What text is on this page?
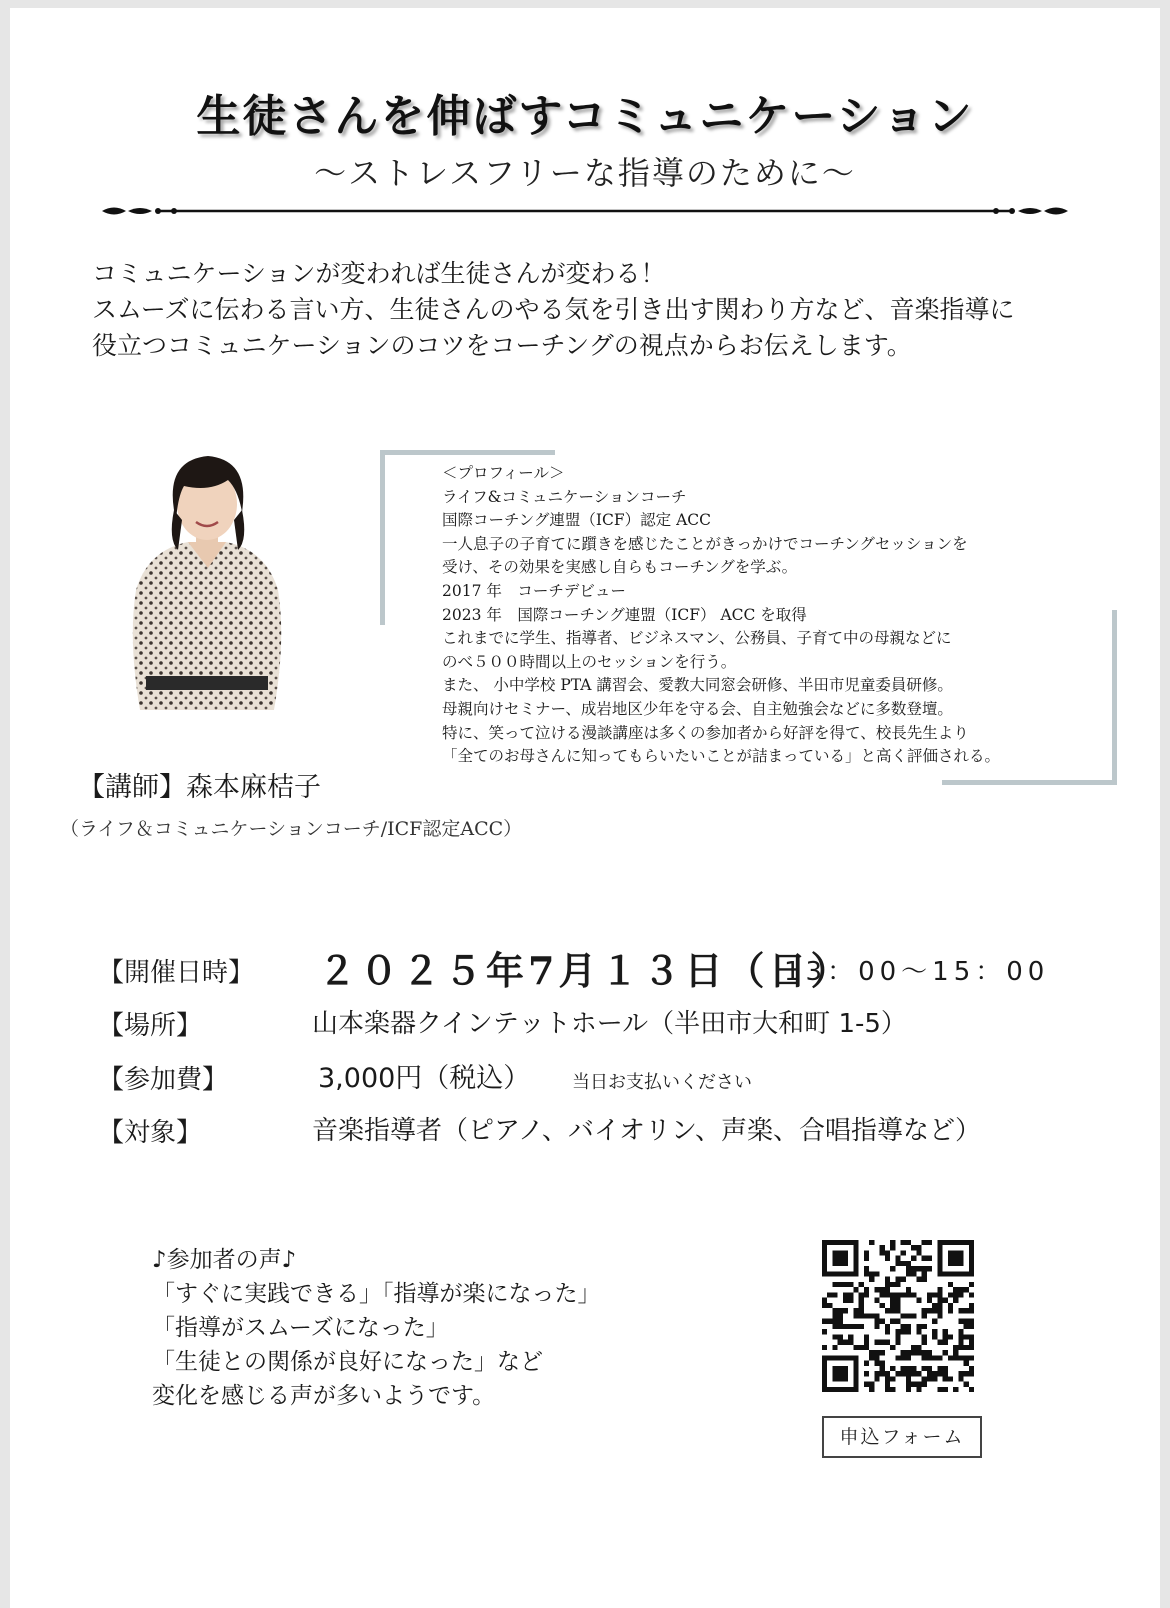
生徒さんを伸ばすコミュニケーション
〜ストレスフリーな指導のために〜
コミュニケーションが変われば生徒さんが変わる！
スムーズに伝わる言い方、生徒さんのやる気を引き出す関わり方など、音楽指導に
役立つコミュニケーションのコツをコーチングの視点からお伝えします。
＜プロフィール＞
ライフ&コミュニケーションコーチ
国際コーチング連盟（ICF）認定 ACC
一人息子の子育てに躓きを感じたことがきっかけでコーチングセッションを
受け、その効果を実感し自らもコーチングを学ぶ。
2017 年　コーチデビュー
2023 年　国際コーチング連盟（ICF） ACC を取得
これまでに学生、指導者、ビジネスマン、公務員、子育て中の母親などに
のべ５００時間以上のセッションを行う。
また、 小中学校 PTA 講習会、愛教大同窓会研修、半田市児童委員研修。
母親向けセミナー、成岩地区少年を守る会、自主勉強会などに多数登壇。
特に、笑って泣ける漫談講座は多くの参加者から好評を得て、校長先生より
「全てのお母さんに知ってもらいたいことが詰まっている」と高く評価される。
【講師】森本麻桔子
（ライフ＆コミュニケーションコーチ/ICF認定ACC）
【開催日時】 ２０２５年7月１３日（日）
13：00〜15：00
【場所】	山本楽器クインテットホール（半田市大和町 1-5）
【参加費】	3,000円（税込） 当日お支払いください
【対象】	音楽指導者（ピアノ、バイオリン、声楽、合唱指導など）
♪参加者の声♪
「すぐに実践できる」「指導が楽になった」
「指導がスムーズになった」
「生徒との関係が良好になった」など
変化を感じる声が多いようです。
申込フォーム
